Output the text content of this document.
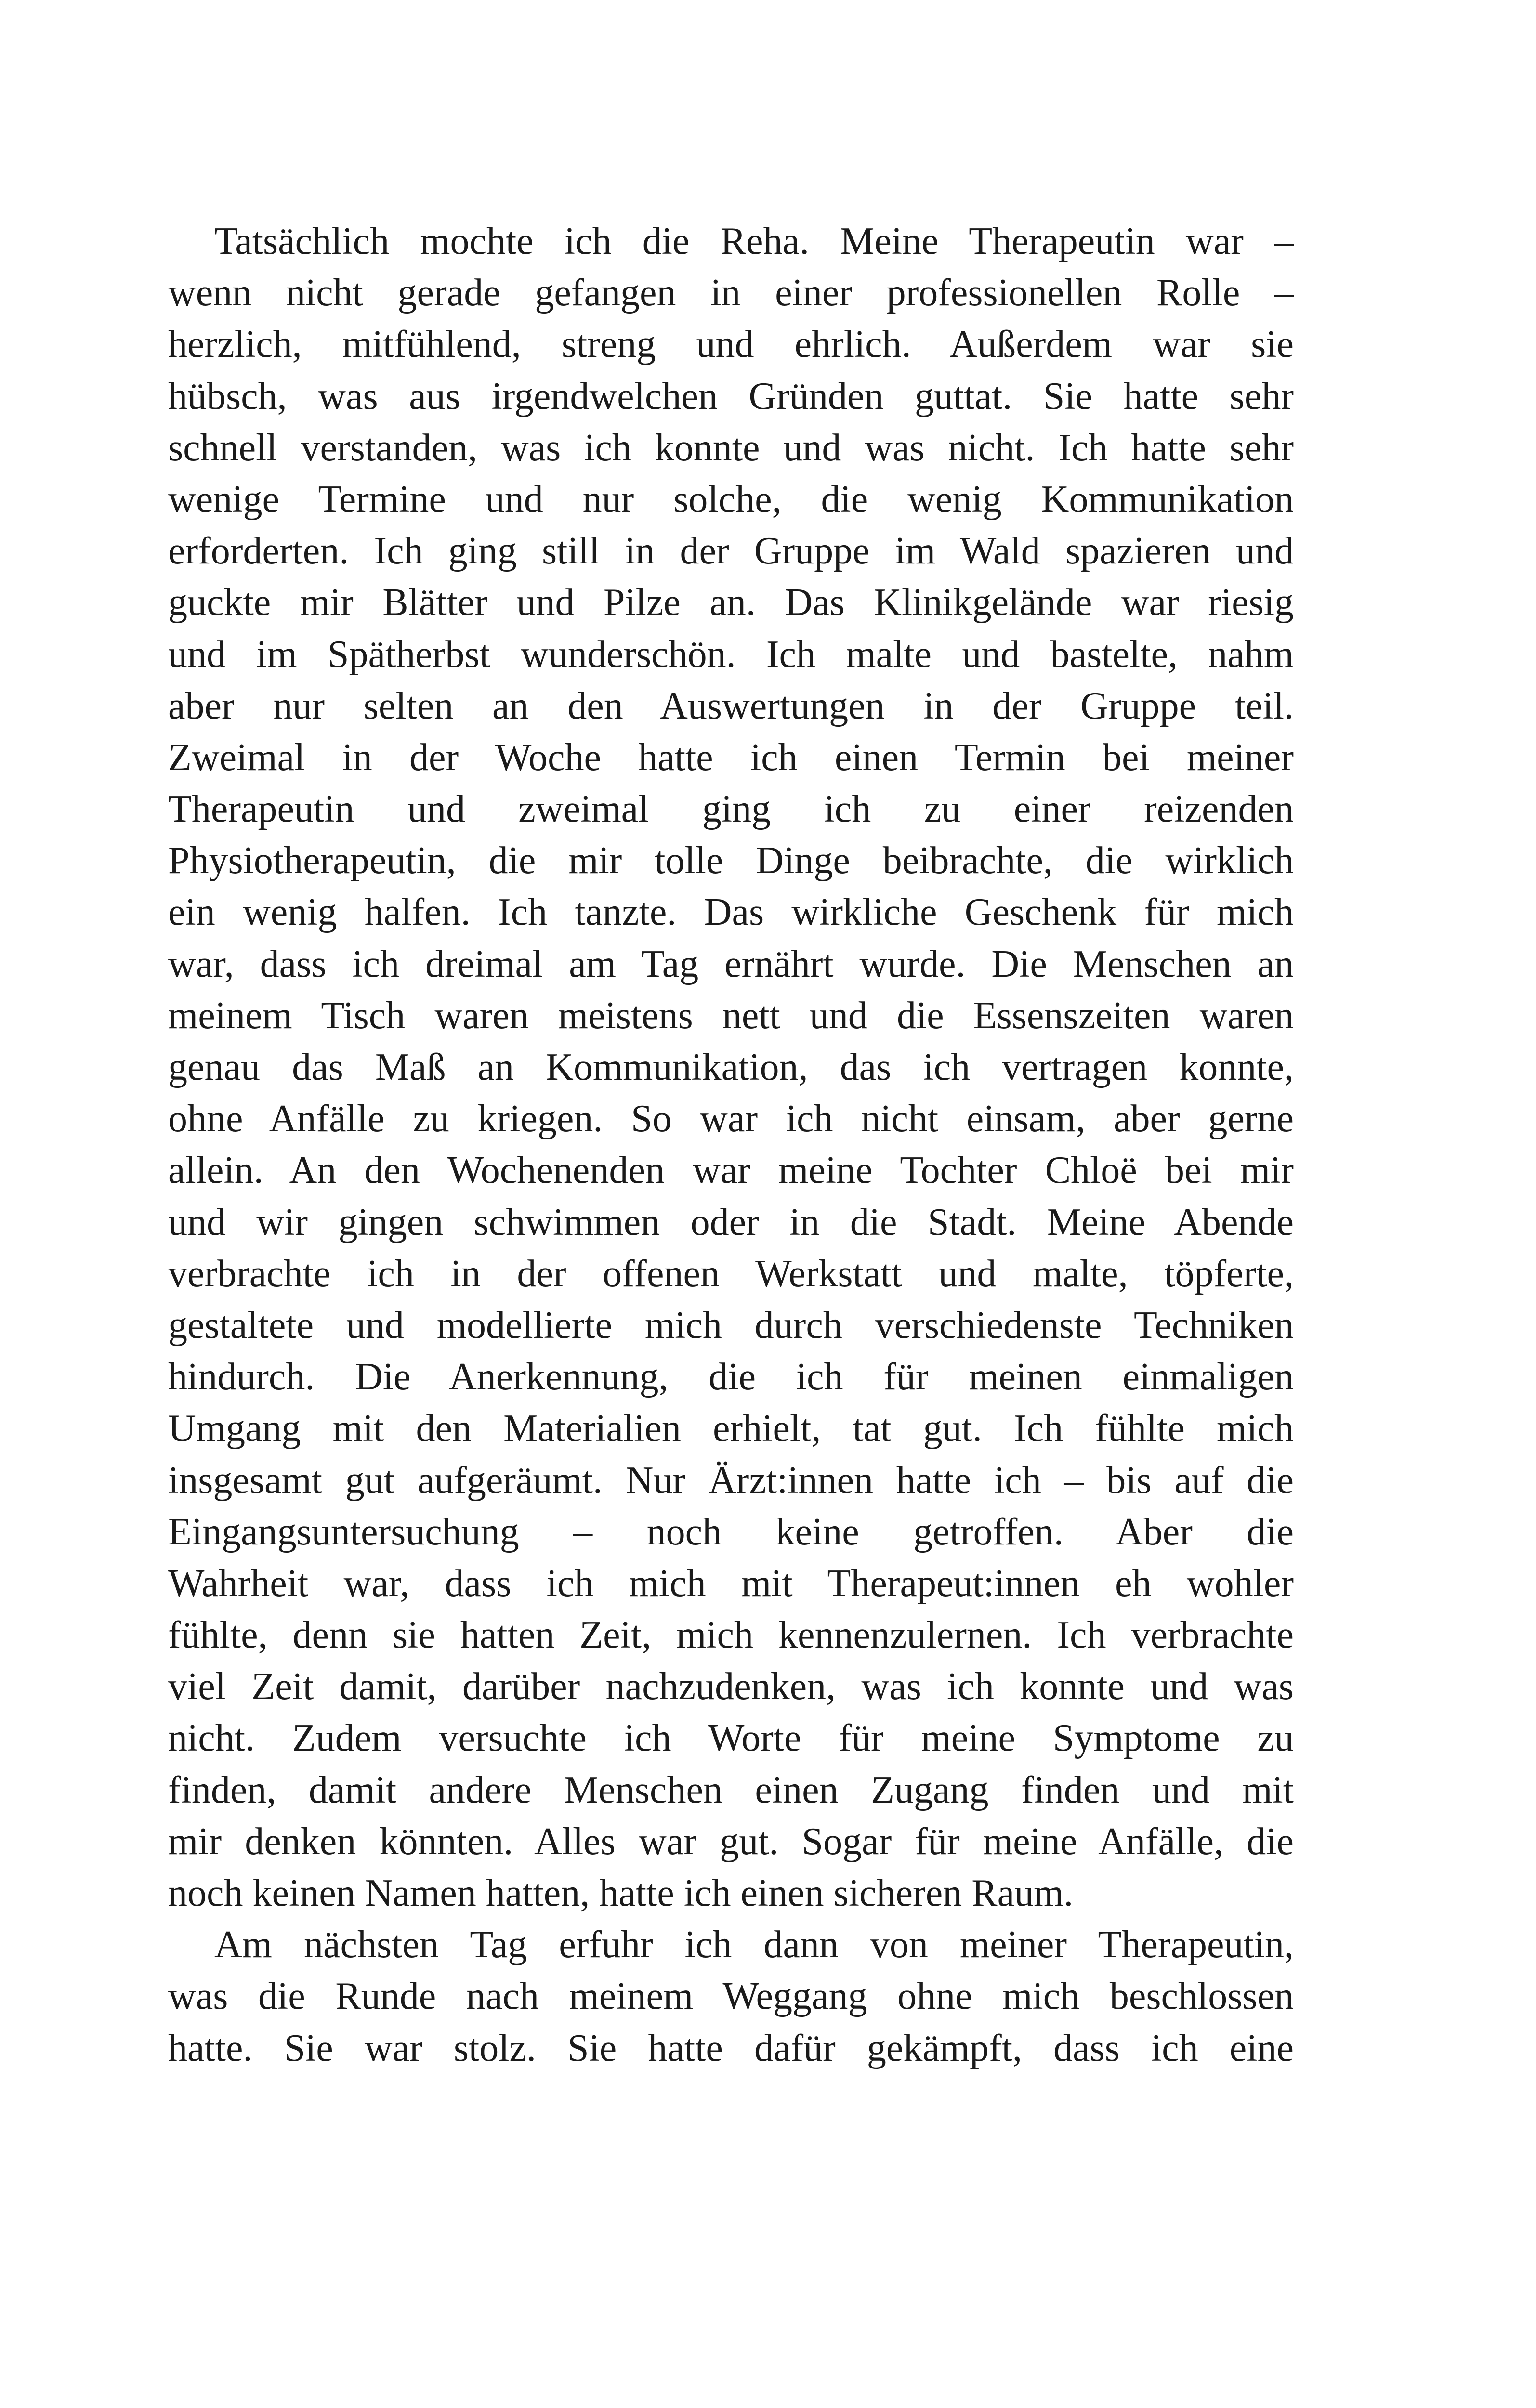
Tatsächlich mochte ich die Reha. Meine Therapeutin war –
wenn nicht gerade gefangen in einer professionellen Rolle –
herzlich, mitfühlend, streng und ehrlich. Außerdem war sie
hübsch, was aus irgendwelchen Gründen guttat. Sie hatte sehr
schnell verstanden, was ich konnte und was nicht. Ich hatte sehr
wenige Termine und nur solche, die wenig Kommunikation
erforderten. Ich ging still in der Gruppe im Wald spazieren und
guckte mir Blätter und Pilze an. Das Klinikgelände war riesig
und im Spätherbst wunderschön. Ich malte und bastelte, nahm
aber nur selten an den Auswertungen in der Gruppe teil.
Zweimal in der Woche hatte ich einen Termin bei meiner
Therapeutin und zweimal ging ich zu einer reizenden
Physiotherapeutin, die mir tolle Dinge beibrachte, die wirklich
ein wenig halfen. Ich tanzte. Das wirkliche Geschenk für mich
war, dass ich dreimal am Tag ernährt wurde. Die Menschen an
meinem Tisch waren meistens nett und die Essenszeiten waren
genau das Maß an Kommunikation, das ich vertragen konnte,
ohne Anfälle zu kriegen. So war ich nicht einsam, aber gerne
allein. An den Wochenenden war meine Tochter Chloë bei mir
und wir gingen schwimmen oder in die Stadt. Meine Abende
verbrachte ich in der offenen Werkstatt und malte, töpferte,
gestaltete und modellierte mich durch verschiedenste Techniken
hindurch. Die Anerkennung, die ich für meinen einmaligen
Umgang mit den Materialien erhielt, tat gut. Ich fühlte mich
insgesamt gut aufgeräumt. Nur Ärzt:innen hatte ich – bis auf die
Eingangsuntersuchung – noch keine getroffen. Aber die
Wahrheit war, dass ich mich mit Therapeut:innen eh wohler
fühlte, denn sie hatten Zeit, mich kennenzulernen. Ich verbrachte
viel Zeit damit, darüber nachzudenken, was ich konnte und was
nicht. Zudem versuchte ich Worte für meine Symptome zu
finden, damit andere Menschen einen Zugang finden und mit
mir denken könnten. Alles war gut. Sogar für meine Anfälle, die
noch keinen Namen hatten, hatte ich einen sicheren Raum.
Am nächsten Tag erfuhr ich dann von meiner Therapeutin,
was die Runde nach meinem Weggang ohne mich beschlossen
hatte. Sie war stolz. Sie hatte dafür gekämpft, dass ich eine
